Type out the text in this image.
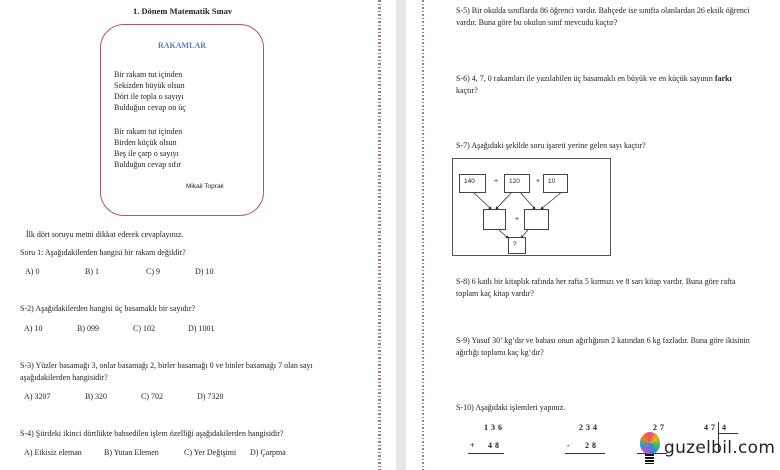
1. Dönem Matematik Sınav
RAKAMLAR
Bir rakam tut içinden
Sekizden büyük olsun
Dört ile topla o sayıyı
Bulduğun cevap on üç
Bir rakam tut içinden
Birden küçük olsun
Beş ile çarp o sayıyı
Bulduğun cevap sıfır
Mikail Toprak
İlk dört soruyu metni dikkat ederek cevaplayınız.
Soru 1: Aşağıdakilerden hangisi bir rakam değildir?
A) 0	B) 1	C) 9	D) 10
S-2) Aşağıdakilerden hangisi üç basamaklı bir sayıdır?
A) 10	B) 099	C) 102	D) 1001
S-3) Yüzler basamağı 3, onlar basamağı 2, birler basamağı 0 ve binler basamağı 7 olan sayı
aşağıdakilerden hangisidir?
A) 3207	B) 320	C) 702	D) 7320
S-4) Şiirdeki ikinci dörtlükte bahsedilen işlem özelliği aşağıdakilerden hangisidir?
A) Etkisiz eleman	B) Yutan Elemen	C) Yer Değişimi D) Çarpma
S-5) Bir okulda sınıflarda 86 öğrenci vardır. Bahçede ise sınıfta olanlardan 26 eksik öğrenci
vardır. Buna göre bu okulun sınıf mevcudu kaçtır?
S-6) 4, 7, 0 rakamları ile yazılabilen üç basamaklı en büyük ve en küçük sayının farkı
kaçtır?
S-7) Aşağıdaki şekilde soru işareti yerine gelen sayı kaçtır?
140	+	120	+	10
+
?
S-8) 6 katlı bir kitaplık rafında her rafta 5 kırmızı ve 8 sarı kitap vardır. Buna göre rafta
toplam kaç kitap vardır?
S-9) Yusuf 30’ kg’dır ve babası onun ağırlığının 2 katından 6 kg fazladır. Buna göre ikisinin
ağırlığı toplamı kaç kg’dır?
S-10) Aşağıdaki işlemleri yapınız.
136
+ 48
234
- 28
27	47 4
guzelbil.com
